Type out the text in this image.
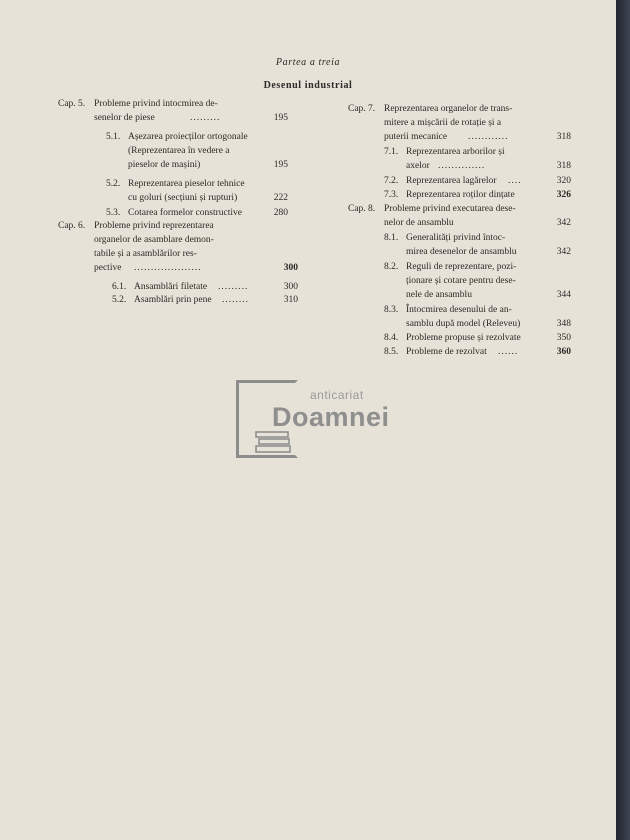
Partea a treia
Desenul industrial
Cap. 5. Probleme privind intocmirea de-
senelor de piese	.........	195
5.1. Așezarea proiecților ortogonale
(Reprezentarea în vedere a
pieselor de mașini)	195
5.2. Reprezentarea pieselor tehnice
cu goluri (secțiuni și rupturi)	222
5.3. Cotarea formelor constructive	280
Cap. 6. Probleme privind reprezentarea
organelor de asamblare demon-
tabile și a asamblărilor res-
pective ....................	300
6.1. Ansamblări filetate .........	300
5.2. Asamblări prin pene ........	310
Cap. 7. Reprezentarea organelor de trans-
mitere a mișcării de rotație și a
puterii mecanice ............	318
7.1. Reprezentarea arborilor și
axelor ..............	318
7.2. Reprezentarea lagărelor ....	320
7.3. Reprezentarea roților dințate	326
Cap. 8. Probleme privind executarea dese-
nelor de ansamblu	342
8.1. Generalități privind întoc-
mirea desenelor de ansamblu	342
8.2. Reguli de reprezentare, pozi-
ționare și cotare pentru dese-
nele de ansamblu	344
8.3. Întocmirea desenului de an-
samblu după model (Releveu)	348
8.4. Probleme propuse și rezolvate	350
8.5. Probleme de rezolvat ......	360
anticariat
Doamnei
